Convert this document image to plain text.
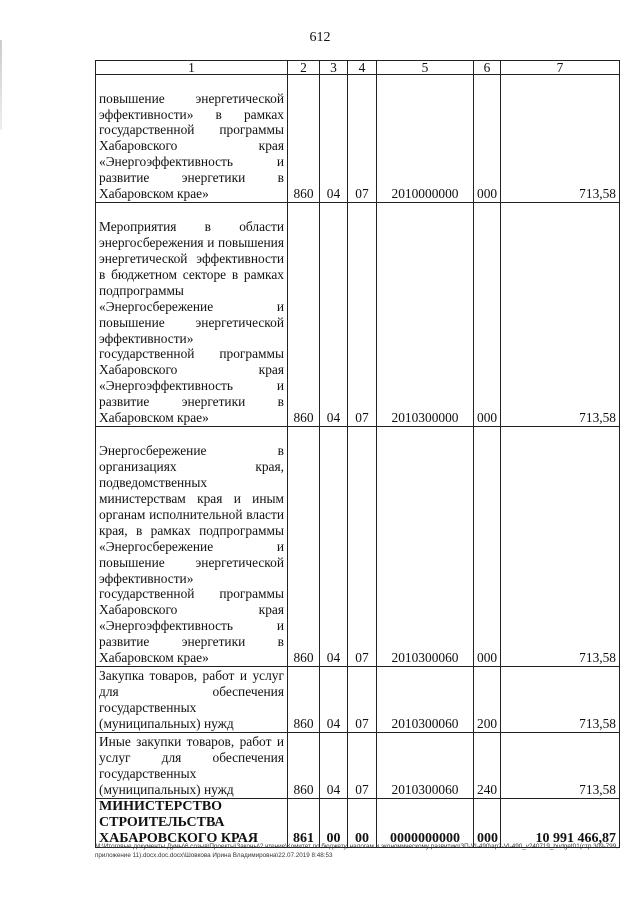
612
1	2	3	4	5	6	7
повышение энергетической эффективности» в рамках государственной программы Хабаровского края «Энергоэффективность и развитие энергетики в Хабаровском крае»	860	04	07	2010000000	000	713,58
Мероприятия в области энергосбережения и повышения энергетической эффективности в бюджетном секторе в рамках подпрограммы «Энергосбережение и повышение энергетической эффективности» государственной программы Хабаровского края «Энергоэффективность и развитие энергетики в Хабаровском крае»	860	04	07	2010300000	000	713,58
Энергосбережение в организациях края, подведомственных министерствам края и иным органам исполнительной власти края, в рамках подпрограммы «Энергосбережение и повышение энергетической эффективности» государственной программы Хабаровского края «Энергоэффективность и развитие энергетики в Хабаровском крае»	860	04	07	2010300060	000	713,58
Закупка товаров, работ и услуг для обеспечения государственных (муниципальных) нужд	860	04	07	2010300060	200	713,58
Иные закупки товаров, работ и услуг для обеспечения государственных (муниципальных) нужд	860	04	07	2010300060	240	713,58
МИНИСТЕРСТВО СТРОИТЕЛЬСТВА ХАБАРОВСКОГО КРАЯ	861	00	00	0000000000	000	10 991 466,87
M:\Итоговые документы Думы\6 созыв\Проекты\Законы\2 чтение\Комитет по бюджету, налогам и экономическому развитию\ЗП-VI-490\ap2-VI-490_v240719_budget01(стр.309-799, приложение 11).docx.doc.docx\Шовкова Ирина Владимировна\22.07.2019 8:48:53
